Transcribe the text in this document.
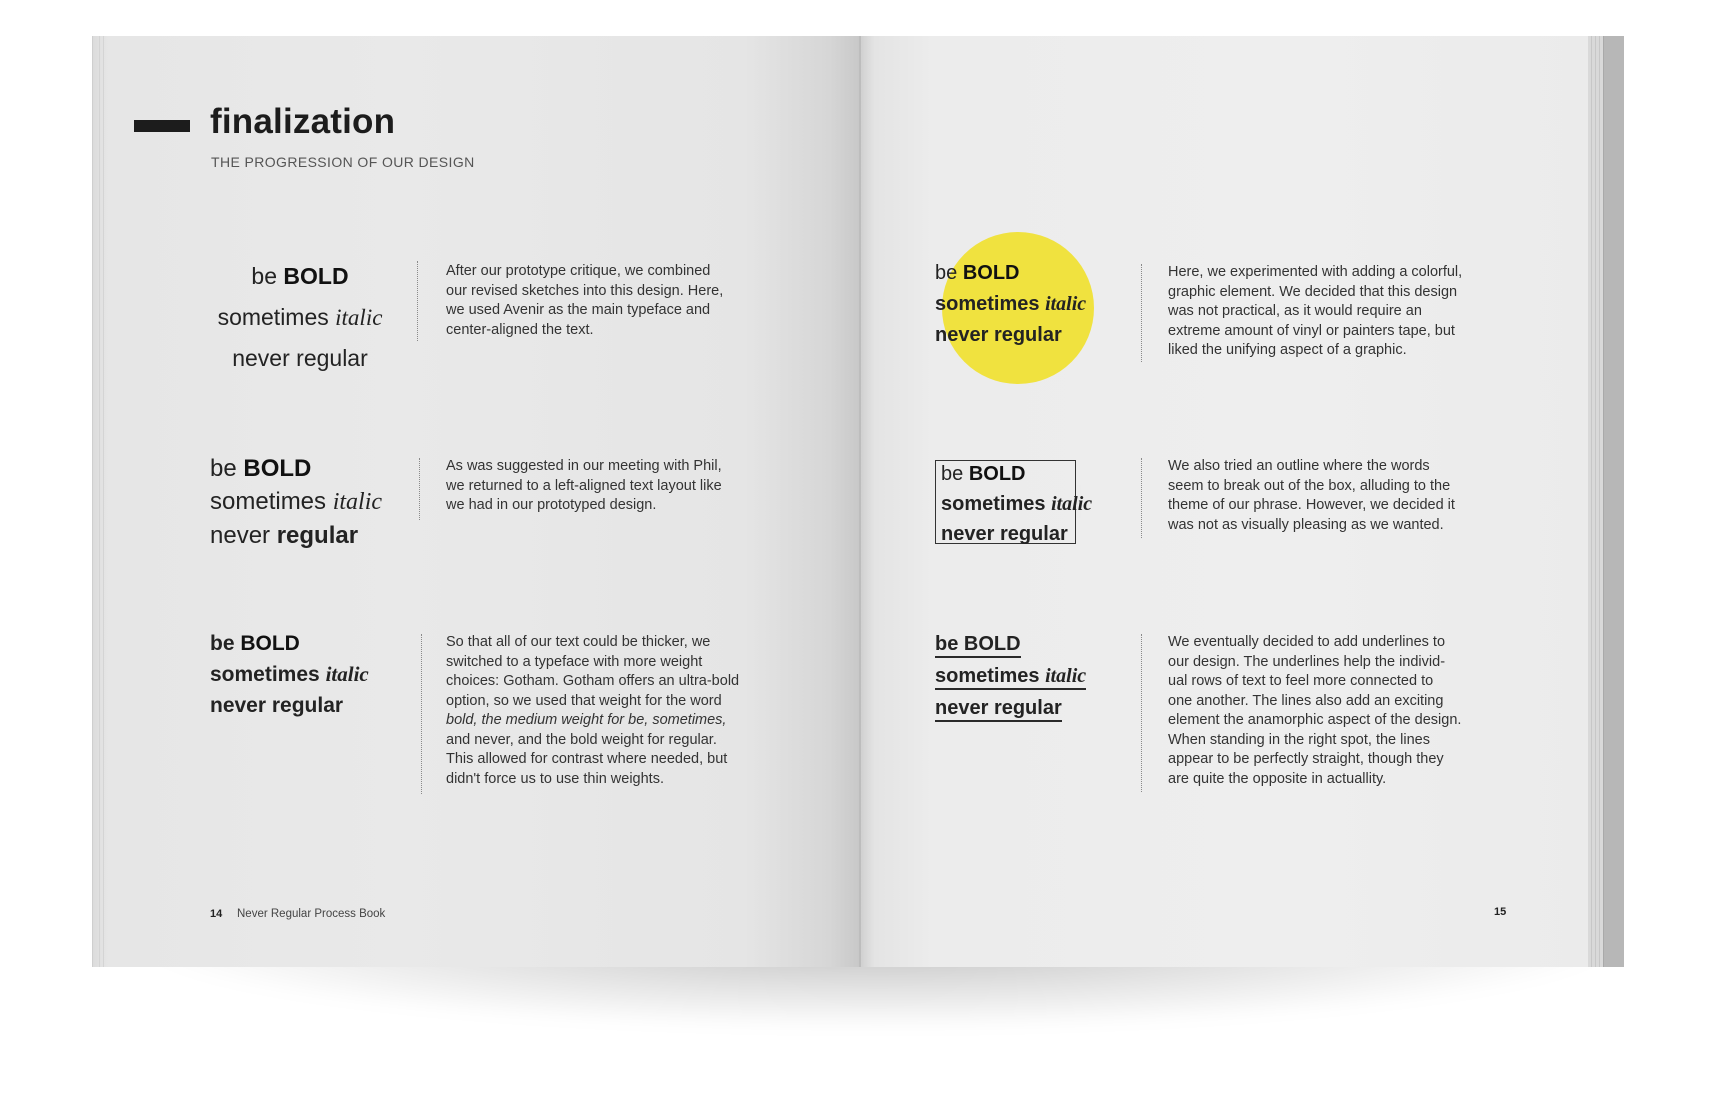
finalization
THE PROGRESSION OF OUR DESIGN
be BOLD
sometimes italic
never regular
After our prototype critique, we combined
our revised sketches into this design. Here,
we used Avenir as the main typeface and
center-aligned the text.
be BOLD
sometimes italic
never regular
As was suggested in our meeting with Phil,
we returned to a left-aligned text layout like
we had in our prototyped design.
be BOLD
sometimes italic
never regular
So that all of our text could be thicker, we
switched to a typeface with more weight
choices: Gotham. Gotham offers an ultra-bold
option, so we used that weight for the word
bold, the medium weight for be, sometimes,
and never, and the bold weight for regular.
This allowed for contrast where needed, but
didn't force us to use thin weights.
14 Never Regular Process Book
be BOLD
sometimes italic
never regular
Here, we experimented with adding a colorful,
graphic element. We decided that this design
was not practical, as it would require an
extreme amount of vinyl or painters tape, but
liked the unifying aspect of a graphic.
be BOLD
sometimes italic
never regular
We also tried an outline where the words
seem to break out of the box, alluding to the
theme of our phrase. However, we decided it
was not as visually pleasing as we wanted.
be BOLD
sometimes italic
never regular
We eventually decided to add underlines to
our design. The underlines help the individ-
ual rows of text to feel more connected to
one another. The lines also add an exciting
element the anamorphic aspect of the design.
When standing in the right spot, the lines
appear to be perfectly straight, though they
are quite the opposite in actuallity.
15
